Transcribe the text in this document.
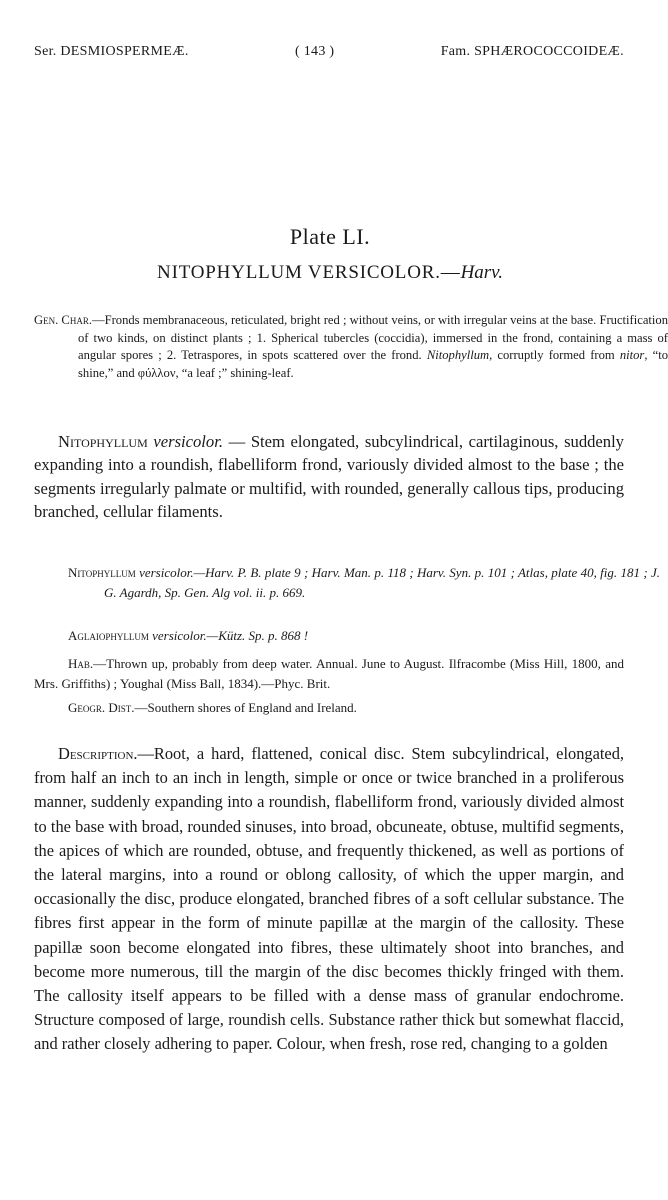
Ser. DESMIOSPERMEÆ.	( 143 )	Fam. SPHÆROCOCCOIDEÆ.
Plate LI.
NITOPHYLLUM VERSICOLOR.—Harv.
Gen. Char.—Fronds membranaceous, reticulated, bright red ; without veins, or with irregular veins at the base. Fructification of two kinds, on distinct plants ; 1. Spherical tubercles (coccidia), immersed in the frond, containing a mass of angular spores ; 2. Tetraspores, in spots scattered over the frond. Nitophyllum, corruptly formed from nitor, “to shine,” and φύλλον, “a leaf ;” shining-leaf.
Nitophyllum versicolor. — Stem elongated, subcylindrical, cartilaginous, suddenly expanding into a roundish, flabelliform frond, variously divided almost to the base ; the segments irregularly palmate or multifid, with rounded, generally callous tips, producing branched, cellular filaments.
Nitophyllum versicolor.—Harv. P. B. plate 9 ; Harv. Man. p. 118 ; Harv. Syn. p. 101 ; Atlas, plate 40, fig. 181 ; J. G. Agardh, Sp. Gen. Alg vol. ii. p. 669.
Aglaiophyllum versicolor.—Kütz. Sp. p. 868 !
Hab.—Thrown up, probably from deep water. Annual. June to August. Ilfracombe (Miss Hill, 1800, and Mrs. Griffiths) ; Youghal (Miss Ball, 1834).—Phyc. Brit.
Geogr. Dist.—Southern shores of England and Ireland.
Description.—Root, a hard, flattened, conical disc. Stem subcylindrical, elongated, from half an inch to an inch in length, simple or once or twice branched in a proliferous manner, suddenly expanding into a roundish, flabelliform frond, variously divided almost to the base with broad, rounded sinuses, into broad, obcuneate, obtuse, multifid segments, the apices of which are rounded, obtuse, and frequently thickened, as well as portions of the lateral margins, into a round or oblong callosity, of which the upper margin, and occasionally the disc, produce elongated, branched fibres of a soft cellular substance. The fibres first appear in the form of minute papillæ at the margin of the callosity. These papillæ soon become elongated into fibres, these ultimately shoot into branches, and become more numerous, till the margin of the disc becomes thickly fringed with them. The callosity itself appears to be filled with a dense mass of granular endochrome. Structure composed of large, roundish cells. Substance rather thick but somewhat flaccid, and rather closely adhering to paper. Colour, when fresh, rose red, changing to a golden
